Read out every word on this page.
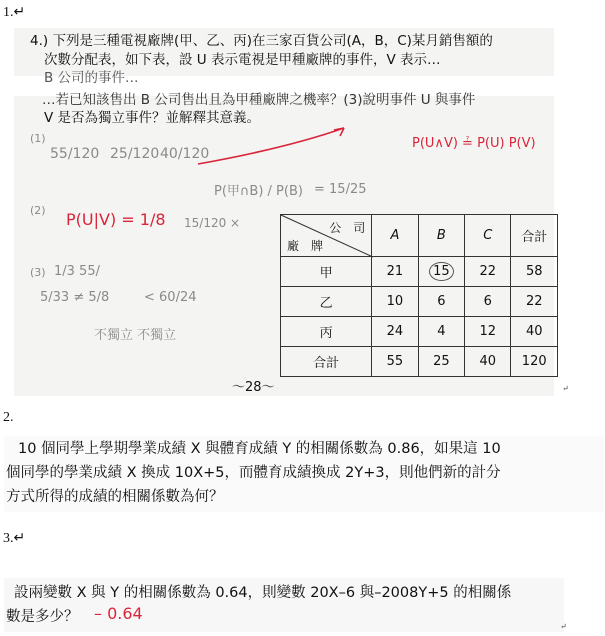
1.↵
4.) 下列是三種電視廠牌(甲、乙、丙)在三家百貨公司(A，B，C)某月銷售額的
次數分配表，如下表，設 U 表示電視是甲種廠牌的事件，V 表示…
B 公司的事件…
…若已知該售出 B 公司售出且為甲種廠牌之機率？(3)說明事件 U 與事件
V 是否為獨立事件？並解釋其意義。
P(U∧V) ≟ P(U) P(V)
P(U|V) = 1/8
(1)
55/120 25/120 40/120
P(甲∩B) / P(B) = 15/25
(2)
15/120 ×
(3) 1/3 55/
5/33 ≠ 5/8	< 60/24
不獨立 不獨立
公　司
廠　牌	A	B	C	合計
甲	21	15	22	58
乙	10	6	6	22
丙	24	4	12	40
合計	55	25	40	120
～28～	↵
2.
10 個同學上學期學業成績 X 與體育成績 Y 的相關係數為 0.86，如果這 10
個同學的學業成績 X 換成 10X+5，而體育成績換成 2Y+3，則他們新的計分
方式所得的成績的相關係數為何？
3.↵
設兩變數 X 與 Y 的相關係數為 0.64，則變數 20X–6 與–2008Y+5 的相關係
數是多少？ – 0.64
↵
